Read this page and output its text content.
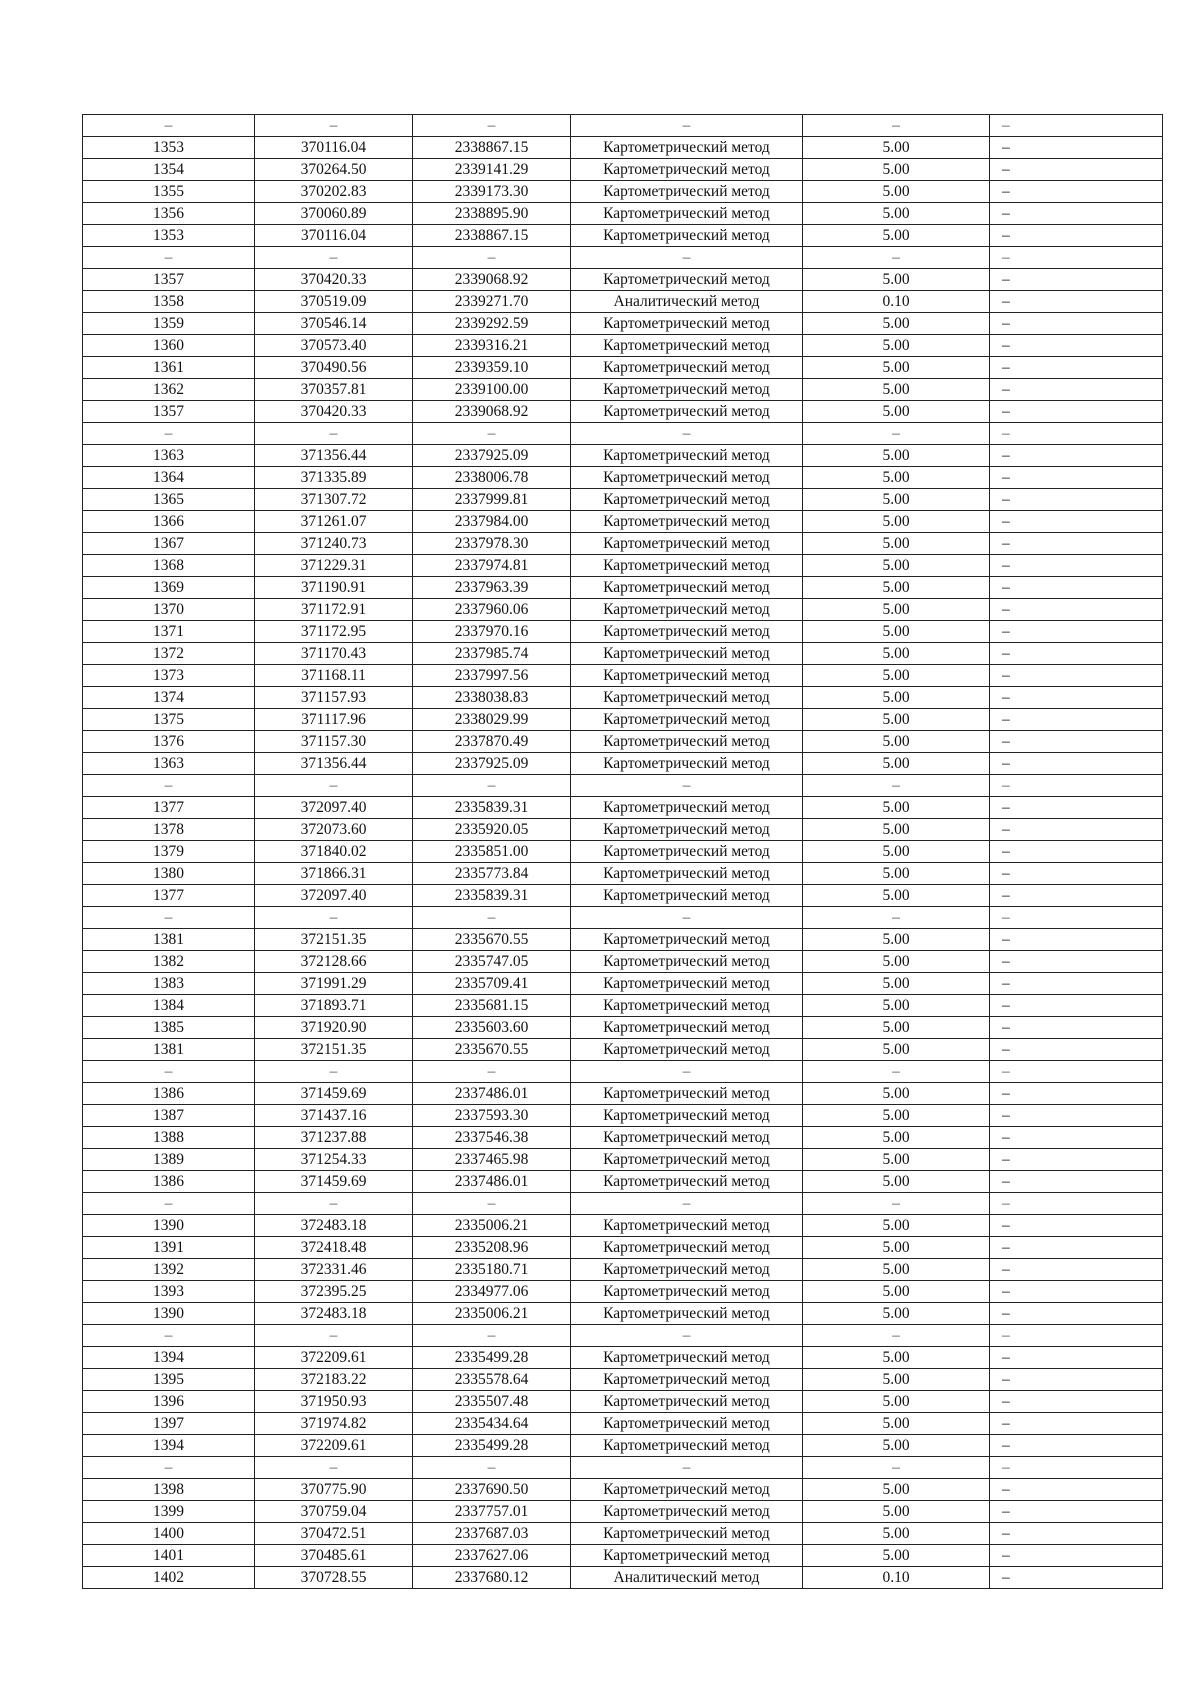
–	–	–	–	–	–
1353	370116.04	2338867.15	Картометрический метод	5.00	–
1354	370264.50	2339141.29	Картометрический метод	5.00	–
1355	370202.83	2339173.30	Картометрический метод	5.00	–
1356	370060.89	2338895.90	Картометрический метод	5.00	–
1353	370116.04	2338867.15	Картометрический метод	5.00	–
–	–	–	–	–	–
1357	370420.33	2339068.92	Картометрический метод	5.00	–
1358	370519.09	2339271.70	Аналитический метод	0.10	–
1359	370546.14	2339292.59	Картометрический метод	5.00	–
1360	370573.40	2339316.21	Картометрический метод	5.00	–
1361	370490.56	2339359.10	Картометрический метод	5.00	–
1362	370357.81	2339100.00	Картометрический метод	5.00	–
1357	370420.33	2339068.92	Картометрический метод	5.00	–
–	–	–	–	–	–
1363	371356.44	2337925.09	Картометрический метод	5.00	–
1364	371335.89	2338006.78	Картометрический метод	5.00	–
1365	371307.72	2337999.81	Картометрический метод	5.00	–
1366	371261.07	2337984.00	Картометрический метод	5.00	–
1367	371240.73	2337978.30	Картометрический метод	5.00	–
1368	371229.31	2337974.81	Картометрический метод	5.00	–
1369	371190.91	2337963.39	Картометрический метод	5.00	–
1370	371172.91	2337960.06	Картометрический метод	5.00	–
1371	371172.95	2337970.16	Картометрический метод	5.00	–
1372	371170.43	2337985.74	Картометрический метод	5.00	–
1373	371168.11	2337997.56	Картометрический метод	5.00	–
1374	371157.93	2338038.83	Картометрический метод	5.00	–
1375	371117.96	2338029.99	Картометрический метод	5.00	–
1376	371157.30	2337870.49	Картометрический метод	5.00	–
1363	371356.44	2337925.09	Картометрический метод	5.00	–
–	–	–	–	–	–
1377	372097.40	2335839.31	Картометрический метод	5.00	–
1378	372073.60	2335920.05	Картометрический метод	5.00	–
1379	371840.02	2335851.00	Картометрический метод	5.00	–
1380	371866.31	2335773.84	Картометрический метод	5.00	–
1377	372097.40	2335839.31	Картометрический метод	5.00	–
–	–	–	–	–	–
1381	372151.35	2335670.55	Картометрический метод	5.00	–
1382	372128.66	2335747.05	Картометрический метод	5.00	–
1383	371991.29	2335709.41	Картометрический метод	5.00	–
1384	371893.71	2335681.15	Картометрический метод	5.00	–
1385	371920.90	2335603.60	Картометрический метод	5.00	–
1381	372151.35	2335670.55	Картометрический метод	5.00	–
–	–	–	–	–	–
1386	371459.69	2337486.01	Картометрический метод	5.00	–
1387	371437.16	2337593.30	Картометрический метод	5.00	–
1388	371237.88	2337546.38	Картометрический метод	5.00	–
1389	371254.33	2337465.98	Картометрический метод	5.00	–
1386	371459.69	2337486.01	Картометрический метод	5.00	–
–	–	–	–	–	–
1390	372483.18	2335006.21	Картометрический метод	5.00	–
1391	372418.48	2335208.96	Картометрический метод	5.00	–
1392	372331.46	2335180.71	Картометрический метод	5.00	–
1393	372395.25	2334977.06	Картометрический метод	5.00	–
1390	372483.18	2335006.21	Картометрический метод	5.00	–
–	–	–	–	–	–
1394	372209.61	2335499.28	Картометрический метод	5.00	–
1395	372183.22	2335578.64	Картометрический метод	5.00	–
1396	371950.93	2335507.48	Картометрический метод	5.00	–
1397	371974.82	2335434.64	Картометрический метод	5.00	–
1394	372209.61	2335499.28	Картометрический метод	5.00	–
–	–	–	–	–	–
1398	370775.90	2337690.50	Картометрический метод	5.00	–
1399	370759.04	2337757.01	Картометрический метод	5.00	–
1400	370472.51	2337687.03	Картометрический метод	5.00	–
1401	370485.61	2337627.06	Картометрический метод	5.00	–
1402	370728.55	2337680.12	Аналитический метод	0.10	–
